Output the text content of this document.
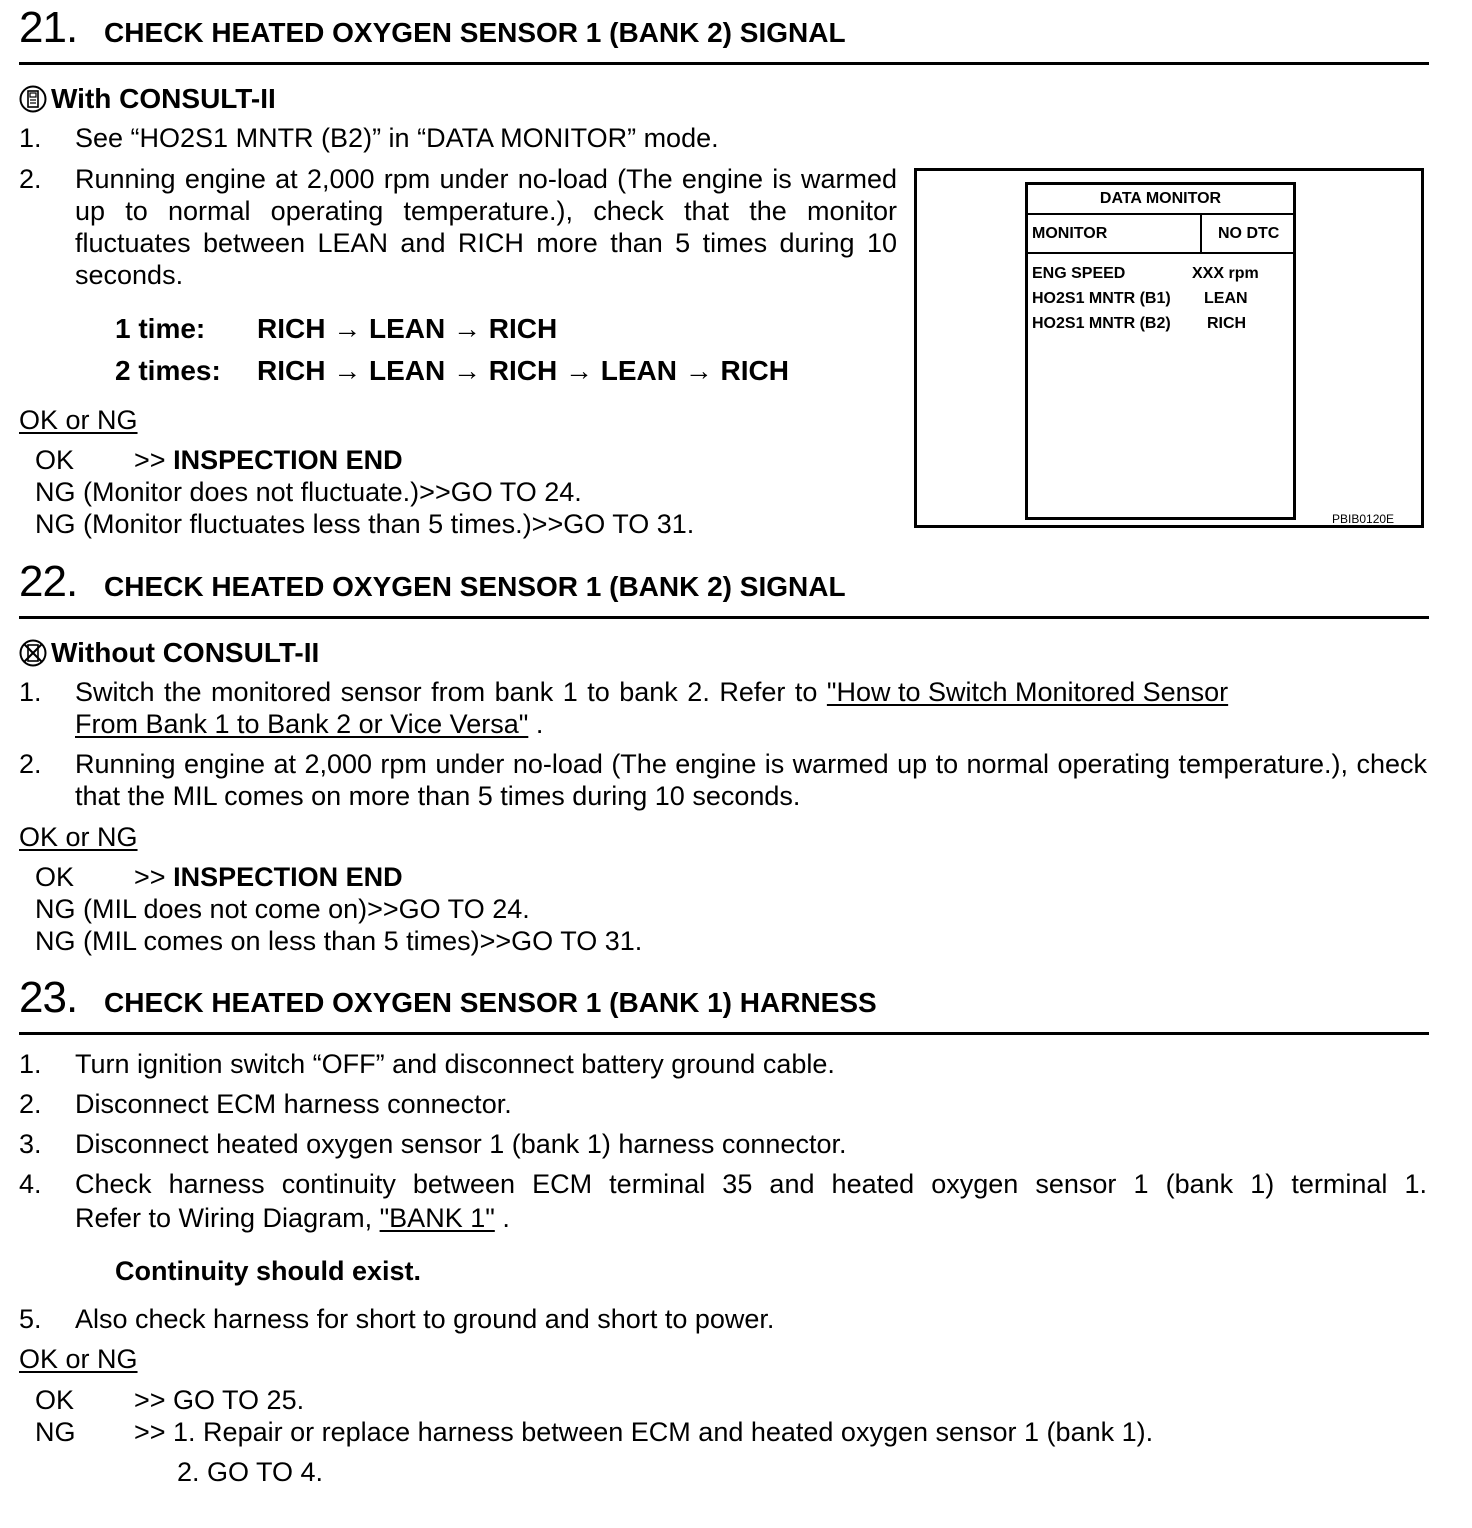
21. CHECK HEATED OXYGEN SENSOR 1 (BANK 2) SIGNAL
With CONSULT-II
1. See “HO2S1 MNTR (B2)” in “DATA MONITOR” mode.
2. Running engine at 2,000 rpm under no-load (The engine is warmed up to normal operating temperature.), check that the monitor fluctuates between LEAN and RICH more than 5 times during 10 seconds.
1 time: RICH → LEAN → RICH
2 times: RICH → LEAN → RICH → LEAN → RICH
OK or NG
OK >> INSPECTION END
NG (Monitor does not fluctuate.)>>GO TO 24.
NG (Monitor fluctuates less than 5 times.)>>GO TO 31.
DATA MONITOR
MONITOR	NO DTC
ENG SPEED	XXX rpm
HO2S1 MNTR (B1) LEAN
HO2S1 MNTR (B2) RICH
PBIB0120E
22. CHECK HEATED OXYGEN SENSOR 1 (BANK 2) SIGNAL
Without CONSULT-II
1. Switch the monitored sensor from bank 1 to bank 2. Refer to "How to Switch Monitored Sensor
From Bank 1 to Bank 2 or Vice Versa" .
2. Running engine at 2,000 rpm under no-load (The engine is warmed up to normal operating temperature.), check that the MIL comes on more than 5 times during 10 seconds.
OK or NG
OK >> INSPECTION END
NG (MIL does not come on)>>GO TO 24.
NG (MIL comes on less than 5 times)>>GO TO 31.
23. CHECK HEATED OXYGEN SENSOR 1 (BANK 1) HARNESS
1. Turn ignition switch “OFF” and disconnect battery ground cable.
2. Disconnect ECM harness connector.
3. Disconnect heated oxygen sensor 1 (bank 1) harness connector.
4. Check harness continuity between ECM terminal 35 and heated oxygen sensor 1 (bank 1) terminal 1.
Refer to Wiring Diagram, "BANK 1" .
Continuity should exist.
5. Also check harness for short to ground and short to power.
OK or NG
OK >> GO TO 25.
NG >> 1. Repair or replace harness between ECM and heated oxygen sensor 1 (bank 1).
2. GO TO 4.
